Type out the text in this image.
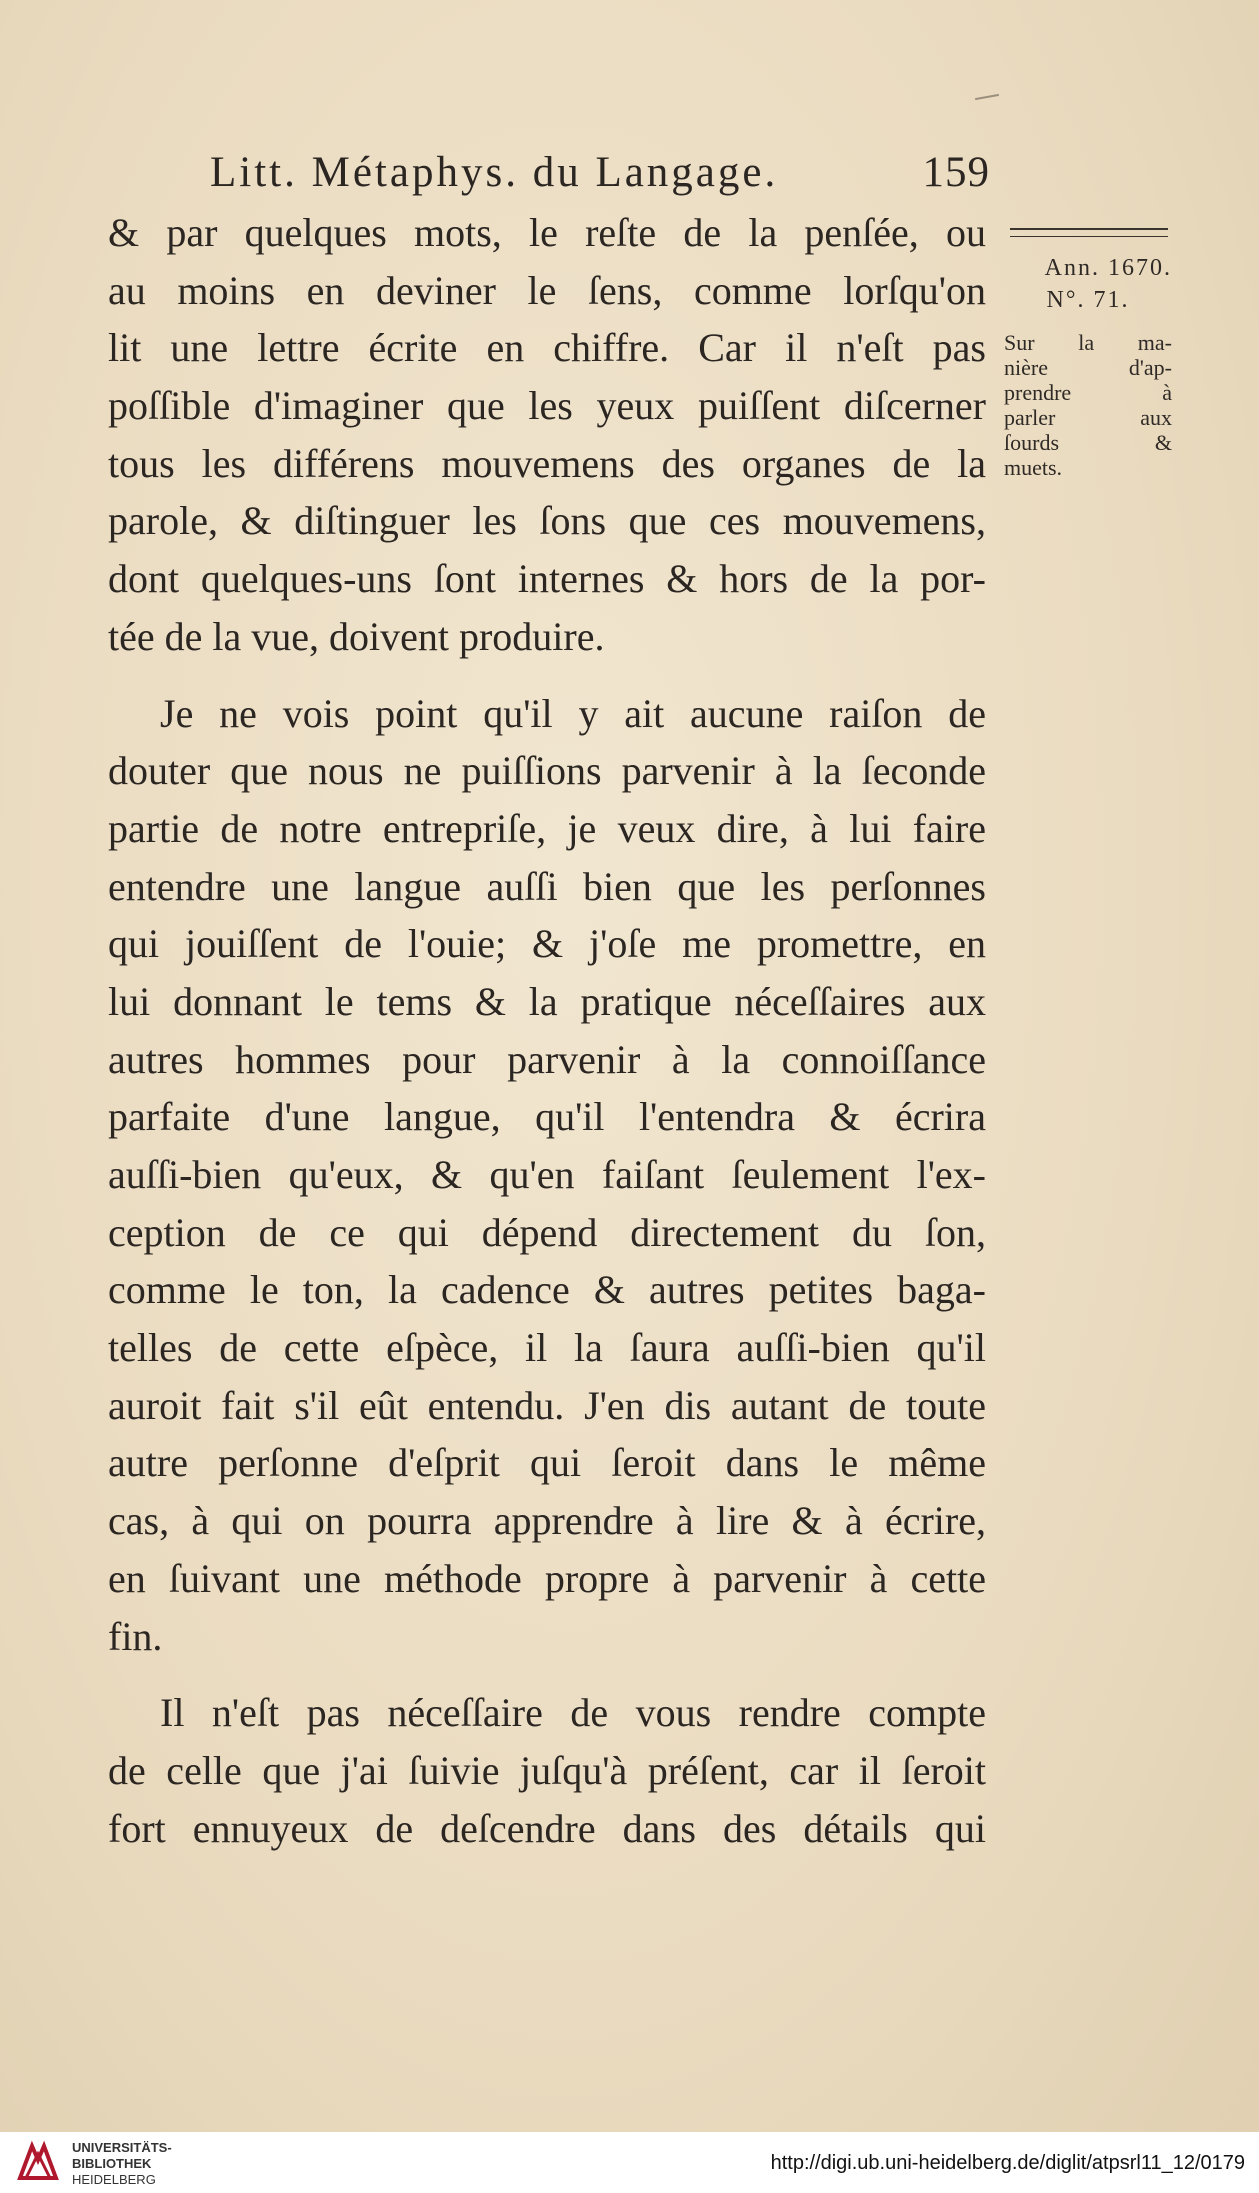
Litt. Métaphys. du Langage.	159
& par quelques mots, le reſte de la penſée, ou
au moins en deviner le ſens, comme lorſqu'on
lit une lettre écrite en chiffre. Car il n'eſt pas
poſſible d'imaginer que les yeux puiſſent diſcerner
tous les différens mouvemens des organes de la
parole, & diſtinguer les ſons que ces mouvemens,
dont quelques-uns ſont internes & hors de la por-
tée de la vue, doivent produire.
Je ne vois point qu'il y ait aucune raiſon de
douter que nous ne puiſſions parvenir à la ſeconde
partie de notre entrepriſe, je veux dire, à lui faire
entendre une langue auſſi bien que les perſonnes
qui jouiſſent de l'ouie; & j'oſe me promettre, en
lui donnant le tems & la pratique néceſſaires aux
autres hommes pour parvenir à la connoiſſance
parfaite d'une langue, qu'il l'entendra & écrira
auſſi-bien qu'eux, & qu'en faiſant ſeulement l'ex-
ception de ce qui dépend directement du ſon,
comme le ton, la cadence & autres petites baga-
telles de cette eſpèce, il la ſaura auſſi-bien qu'il
auroit fait s'il eût entendu. J'en dis autant de toute
autre perſonne d'eſprit qui ſeroit dans le même
cas, à qui on pourra apprendre à lire & à écrire,
en ſuivant une méthode propre à parvenir à cette
fin.
Il n'eſt pas néceſſaire de vous rendre compte
de celle que j'ai ſuivie juſqu'à préſent, car il ſeroit
fort ennuyeux de deſcendre dans des détails qui
Ann. 1670.
N°. 71.
Sur la ma-
nière d'ap-
prendre à
parler aux
ſourds &
muets.
UNIVERSITÄTS-
BIBLIOTHEK
HEIDELBERG
http://digi.ub.uni-heidelberg.de/diglit/atpsrl11_12/0179
